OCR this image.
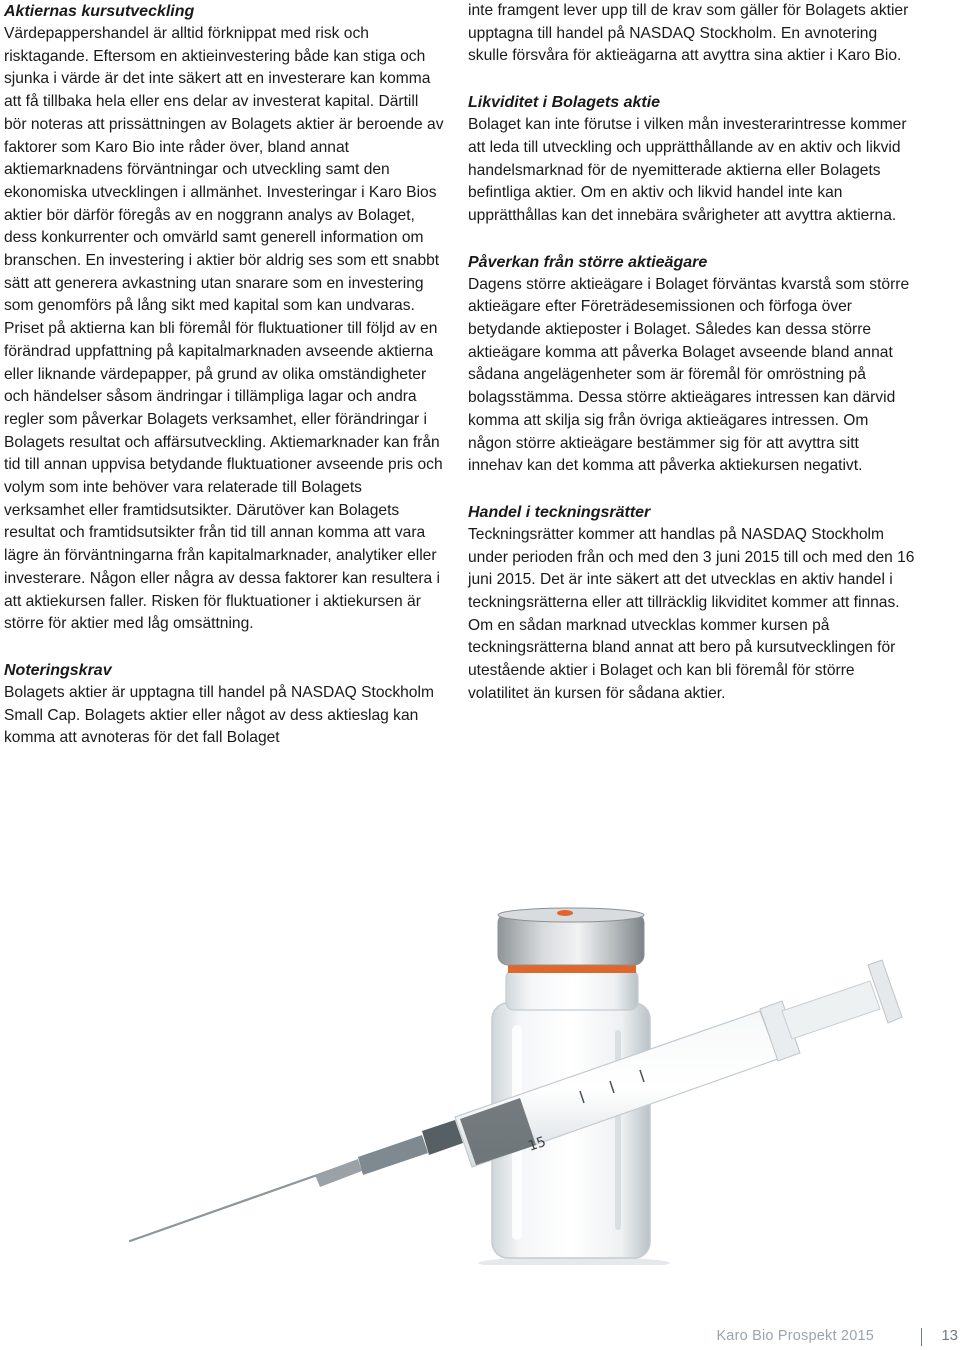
Aktiernas kursutveckling

Värdepappershandel är alltid förknippat med risk och risktagande. Eftersom en aktieinvestering både kan stiga och sjunka i värde är det inte säkert att en investerare kan komma att få tillbaka hela eller ens delar av investerat kapital. Därtill bör noteras att prissättningen av Bolagets aktier är beroende av faktorer som Karo Bio inte råder över, bland annat aktiemarknadens förväntningar och utveckling samt den ekonomiska utvecklingen i allmänhet. Investeringar i Karo Bios aktier bör därför föregås av en noggrann analys av Bolaget, dess konkurrenter och omvärld samt generell information om branschen. En investering i aktier bör aldrig ses som ett snabbt sätt att generera avkastning utan snarare som en investering som genomförs på lång sikt med kapital som kan undvaras. Priset på aktierna kan bli föremål för fluktuationer till följd av en förändrad uppfattning på kapitalmarknaden avseende aktierna eller liknande värdepapper, på grund av olika omständigheter och händelser såsom ändringar i tillämpliga lagar och andra regler som påverkar Bolagets verksamhet, eller förändringar i Bolagets resultat och affärsutveckling. Aktiemarknader kan från tid till annan uppvisa betydande fluktuationer avseende pris och volym som inte behöver vara relaterade till Bolagets verksamhet eller framtidsutsikter. Därutöver kan Bolagets resultat och framtidsutsikter från tid till annan komma att vara lägre än förväntningarna från kapitalmarknader, analytiker eller investerare. Någon eller några av dessa faktorer kan resultera i att aktiekursen faller. Risken för fluktuationer i aktiekursen är större för aktier med låg omsättning.

Noteringskrav

Bolagets aktier är upptagna till handel på NASDAQ Stockholm Small Cap. Bolagets aktier eller något av dess aktieslag kan komma att avnoteras för det fall Bolaget

inte framgent lever upp till de krav som gäller för Bolagets aktier upptagna till handel på NASDAQ Stockholm. En avnotering skulle försvåra för aktieägarna att avyttra sina aktier i Karo Bio.

Likviditet i Bolagets aktie

Bolaget kan inte förutse i vilken mån investerarintresse kommer att leda till utveckling och upprätthållande av en aktiv och likvid handelsmarknad för de nyemitterade aktierna eller Bolagets befintliga aktier. Om en aktiv och likvid handel inte kan upprätthållas kan det innebära svårigheter att avyttra aktierna.

Påverkan från större aktieägare

Dagens större aktieägare i Bolaget förväntas kvarstå som större aktieägare efter Företrädesemissionen och förfoga över betydande aktieposter i Bolaget. Således kan dessa större aktieägare komma att påverka Bolaget avseende bland annat sådana angelägenheter som är föremål för omröstning på bolagsstämma. Dessa större aktieägares intressen kan därvid komma att skilja sig från övriga aktieägares intressen. Om någon större aktieägare bestämmer sig för att avyttra sitt innehav kan det komma att påverka aktiekursen negativt.

Handel i teckningsrätter

Teckningsrätter kommer att handlas på NASDAQ Stockholm under perioden från och med den 3 juni 2015 till och med den 16 juni 2015. Det är inte säkert att det utvecklas en aktiv handel i teckningsrätterna eller att tillräcklig likviditet kommer att finnas. Om en sådan marknad utvecklas kommer kursen på teckningsrätterna bland annat att bero på kursutvecklingen för utestående aktier i Bolaget och kan bli föremål för större volatilitet än kursen för sådana aktier.

15
Karo Bio Prospekt 2015	13
